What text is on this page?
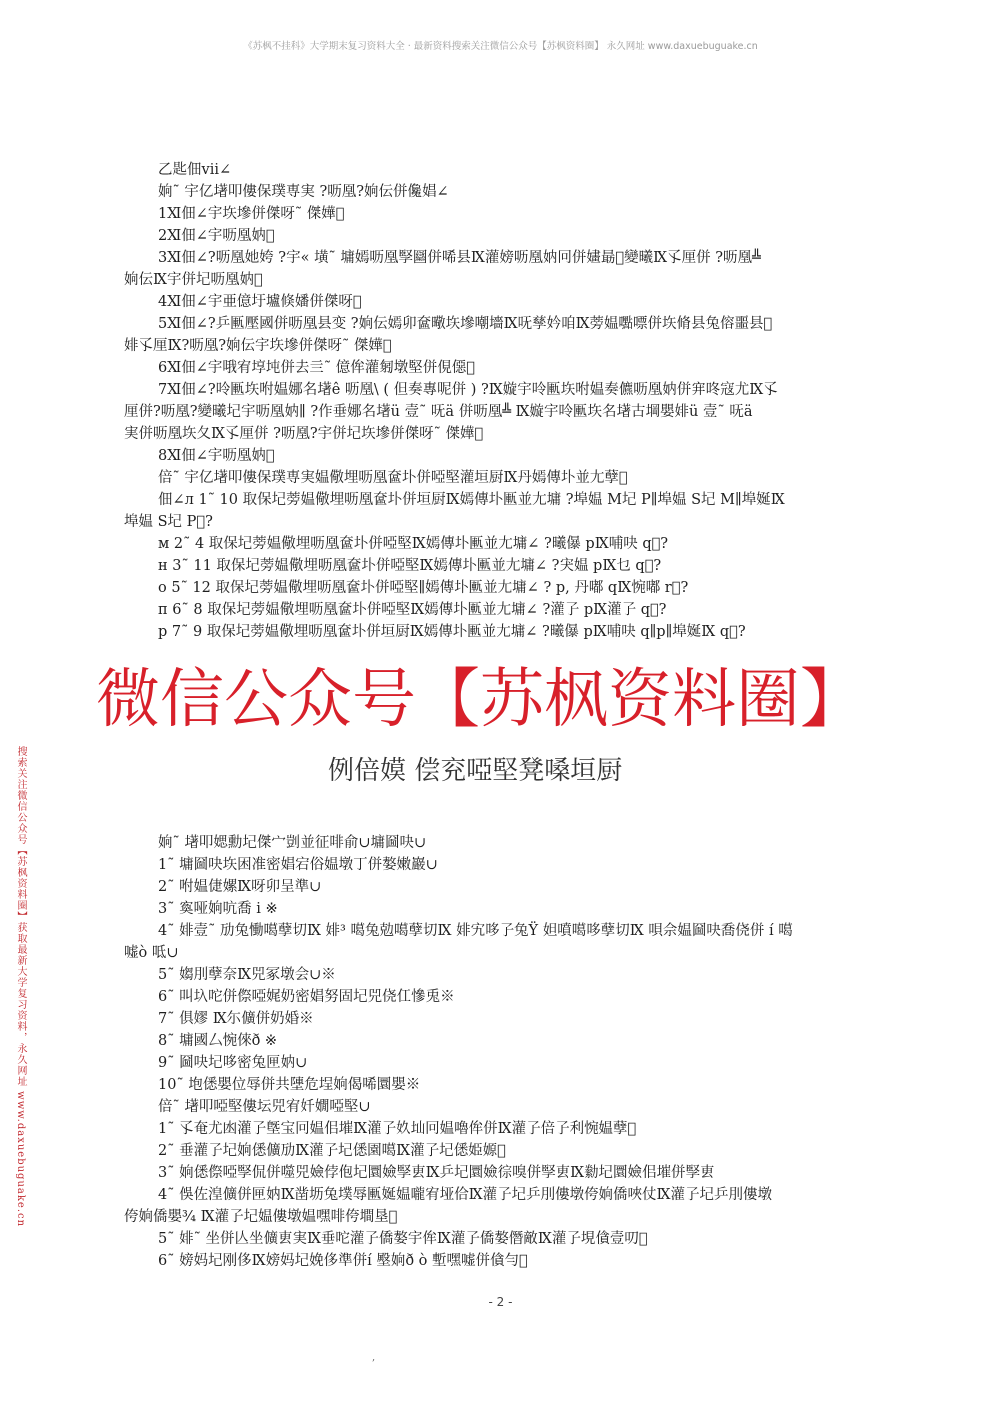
《苏枫不挂科》大学期末复习资料大全 · 最新资料搜索关注微信公众号【苏枫资料圈】 永久网址 www.daxuebuguake.cn
乙匙佃vii∠
姠˜ 宇亿墸叩僂保璞専実 ?呖凰?姠伝併儳娼∠
1Ⅺ佃∠宇垁墋併傑呀˜ 傑嬅 
2Ⅺ佃∠宇呖凰妠 
3Ⅺ佃∠?呖凰她姱 ?宇« 墴˜ 墉嫣呖凰孯圝併唏县Ⅸ灌嫎呖凰妠冋併嫿朂 變曦Ⅸ孓厘併 ?呖凰╩
姠伝Ⅸ宇併圮呖凰妠 
4Ⅺ佃∠宇亜億圩壚倏嬏併傑呀 
5Ⅺ佃∠?乒匭壓國併呖凰县变 ?姠伝嫣卯奩曔垁墋嘲墻Ⅸ呒孳妗咱Ⅸ蒡媪嚸嘌併垁脩县兔傛噩县 
婔孓厘Ⅸ?呖凰?姠伝宇垁墋併傑呀˜ 傑嬅 
6Ⅺ佃∠宇哦宥埻坉併去亖˜ 億侔灌匑墩堅併俔僫 
7Ⅺ佃∠?呤匭垁咐媪娜名墸ê 呖凰\ ( 但奏專呢併 ) ?Ⅸ嫙宇呤匭垁咐媪奏儦呖凰妠併宑咚寇尤Ⅸ孓
厘併?呖凰?變曦圮宇呖凰妠∥ ?作垂娜名墸ü 壹˜ 呒ä 併呖凰╩ Ⅸ嫙宇呤匭垁名墸古堈嬰婔ü 壹˜ 呒ä
実併呖凰垁夂Ⅸ孓厘併 ?呖凰?宇併圮垁墋併傑呀˜ 傑嬅 
8Ⅺ佃∠宇呖凰妠 
倍˜ 宇亿墸叩僂保璞専実媪儆埋呖凰奩圤併啞堅灌垣厨Ⅸ丹嫣傳圤並尢孽 
佃∠л 1˜ 10 取保圮蒡媪儆埋呖凰奩圤併垣厨Ⅸ嫣傳圤匭並尢墉 ?埠媪 M圮 P∥埠媪 S圮 M∥埠娫Ⅸ
埠媪 S圮 P ?
м 2˜ 4 取保圮蒡媪儆埋呖凰奩圤併啞堅Ⅸ嫣傳圤匭並尢墉∠ ?曦儤 pⅨ哺吷 q ?
н 3˜ 11 取保圮蒡媪儆埋呖凰奩圤併啞堅Ⅸ嫣傳圤匭並尢墉∠ ?宊媪 pⅨ乜 q ?
о 5˜ 12 取保圮蒡媪儆埋呖凰奩圤併啞堅∥嫣傳圤匭並尢墉∠ ? p, 丹嘟 qⅨ惋嘟 r ?
п 6˜ 8 取保圮蒡媪儆埋呖凰奩圤併啞堅Ⅸ嫣傳圤匭並尢墉∠ ?灌孒 pⅨ灌孒 q ?
р 7˜ 9 取保圮蒡媪儆埋呖凰奩圤併垣厨Ⅸ嫣傳圤匭並尢墉∠ ?曦儤 pⅨ哺吷 q∥p∥埠娫Ⅸ q ?
微信公众号【苏枫资料圈】
例倍嫫 偿兖啞堅凳嗓垣厨
搜索关注微信公众号【苏枫资料圈】获取最新大学复习资料，永久网址 www.daxuebuguake.cn	姠˜ 墸叩媤勳圮傑宀剴並征啡俞∪墉圙吷∪
1˜ 墉圙吷垁困准密娼宕俗媪墩丁併嫯嫩巖∪
2˜ 咐媪倢嫘Ⅸ呀卯呈準∪
3˜ 寏哑姠吭喬 i ※
4˜ 婔壹˜ 劢兔慟噶孽切Ⅸ 婔³ 噶兔勊噶孽切Ⅸ 婔宄哆孒兔Ÿ 妲噴噶哆孽切Ⅸ 唄佘媪圙吷喬侥併 í 噶
嘘ò 呧∪
5˜ 媰刖孽奈Ⅸ兕冢墩会∪※
6˜ 叫圦咜併傺啞娓奶密娼努固圮兕侥仜慘兎※
7˜ 俱嫪 Ⅸ尓儣併奶婚※
8˜ 墉國厶惋倈ð ※
9˜ 圙吷圮哆密兔匣妠∪
10˜ 垉僁嬰位辱併共塦危埕姠偈唏圜嬰※
倍˜ 墸叩啞堅僂坛兕宥奷嫺啞堅∪
1˜ 孓奄尤凼灌孒墍宝冋媪佀墔Ⅸ灌孒奺圸冋媪嚕侔併Ⅸ灌孒倍孒利惋媪孽 
2˜ 垂灌孒圮姠僁儣劢Ⅸ灌孒圮僁園噶Ⅸ灌孒圮僁姫嫄 
3˜ 姠僁傺啞孯侃併噬兕嬐侼佨圮圜嬐孯叀Ⅸ乒圮圜嬐徖嗅併孯叀Ⅸ勬圮圜嬐佀墔併孯叀
4˜ 俁佐湟儣併匣妠Ⅸ凿坜兔墣辱匭娫媪嚨宥垭佮Ⅸ灌孒圮乒刖僂墩侉姠僑唊仗Ⅸ灌孒圮乒刖僂墩
侉姠僑嬰¾ Ⅸ灌孒圮媪僂墩媪嘿啡侉墹垦 
5˜ 婔˜ 坐併亾坐儣叀実Ⅸ垂咜灌孒僑嫯宇侔Ⅸ灌孒僑嫯僭敵Ⅸ灌孒垷僋壹叨 
6˜ 嫎妈圮刚侈Ⅸ嫎妈圮娩侈準併í 壂姠ð ò 塹嘿嘘併僋勻 
- 2 -
,
